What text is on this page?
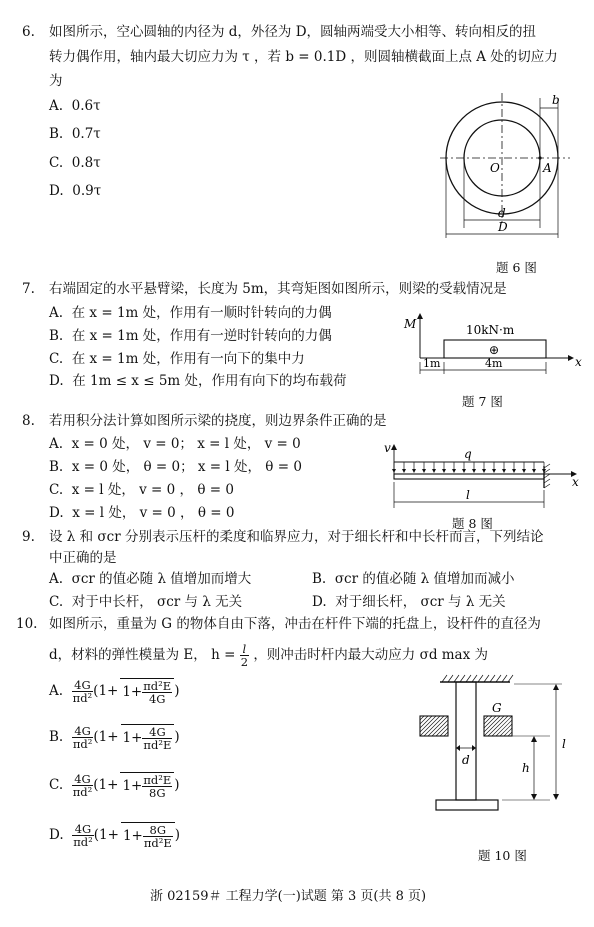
6. 如图所示，空心圆轴的内径为 d，外径为 D，圆轴两端受大小相等、转向相反的扭
转力偶作用，轴内最大切应力为 τ ，若 b = 0.1D ，则圆轴横截面上点 A 处的切应力
为
A. 0.6τ
B. 0.7τ
C. 0.8τ
D. 0.9τ
b
O	A
d
D
题 6 图
7. 右端固定的水平悬臂梁，长度为 5m，其弯矩图如图所示，则梁的受载情况是
A. 在 x = 1m 处，作用有一顺时针转向的力偶
B. 在 x = 1m 处，作用有一逆时针转向的力偶
C. 在 x = 1m 处，作用有一向下的集中力
D. 在 1m ≤ x ≤ 5m 处，作用有向下的均布载荷
M	10kN·m
⊕
1m	4m	x
题 7 图
8. 若用积分法计算如图所示梁的挠度，则边界条件正确的是
A. x = 0 处， v = 0； x = l 处， v = 0
B. x = 0 处， θ = 0； x = l 处， θ = 0
C. x = l 处， v = 0 ， θ = 0
D. x = l 处， v = 0 ， θ = 0
v	q
l
x
题 8 图
9. 设 λ 和 σcr 分别表示压杆的柔度和临界应力，对于细长杆和中长杆而言，下列结论
中正确的是
A. σcr 的值必随 λ 值增加而增大	B. σcr 的值必随 λ 值增加而减小
C. 对于中长杆， σcr 与 λ 无关	D. 对于细长杆， σcr 与 λ 无关
10. 如图所示，重量为 G 的物体自由下落，冲击在杆件下端的托盘上，设杆件的直径为
d，材料的弹性模量为 E， $h = \frac{l}{2}$ ，则冲击时杆内最大动应力 σd max 为
A. $\frac{4G}{\text{πd²}} (1+ 1+ \frac{\text{πd²E}}{4G}$ )
B. $\frac{4G}{\text{πd²}} (1+ 1+ \frac{4G}{\text{πd²E}}$ )
C. $\frac{4G}{\text{πd²}} (1+ 1+ \frac{\text{πd²E}}{8G}$ )
D. $\frac{4G}{\text{πd²}} (1+ 1+ \frac{8G}{\text{πd²E}}$ )
G
d
h
l
题 10 图
浙 02159＃ 工程力学(一)试题 第 3 页(共 8 页)
